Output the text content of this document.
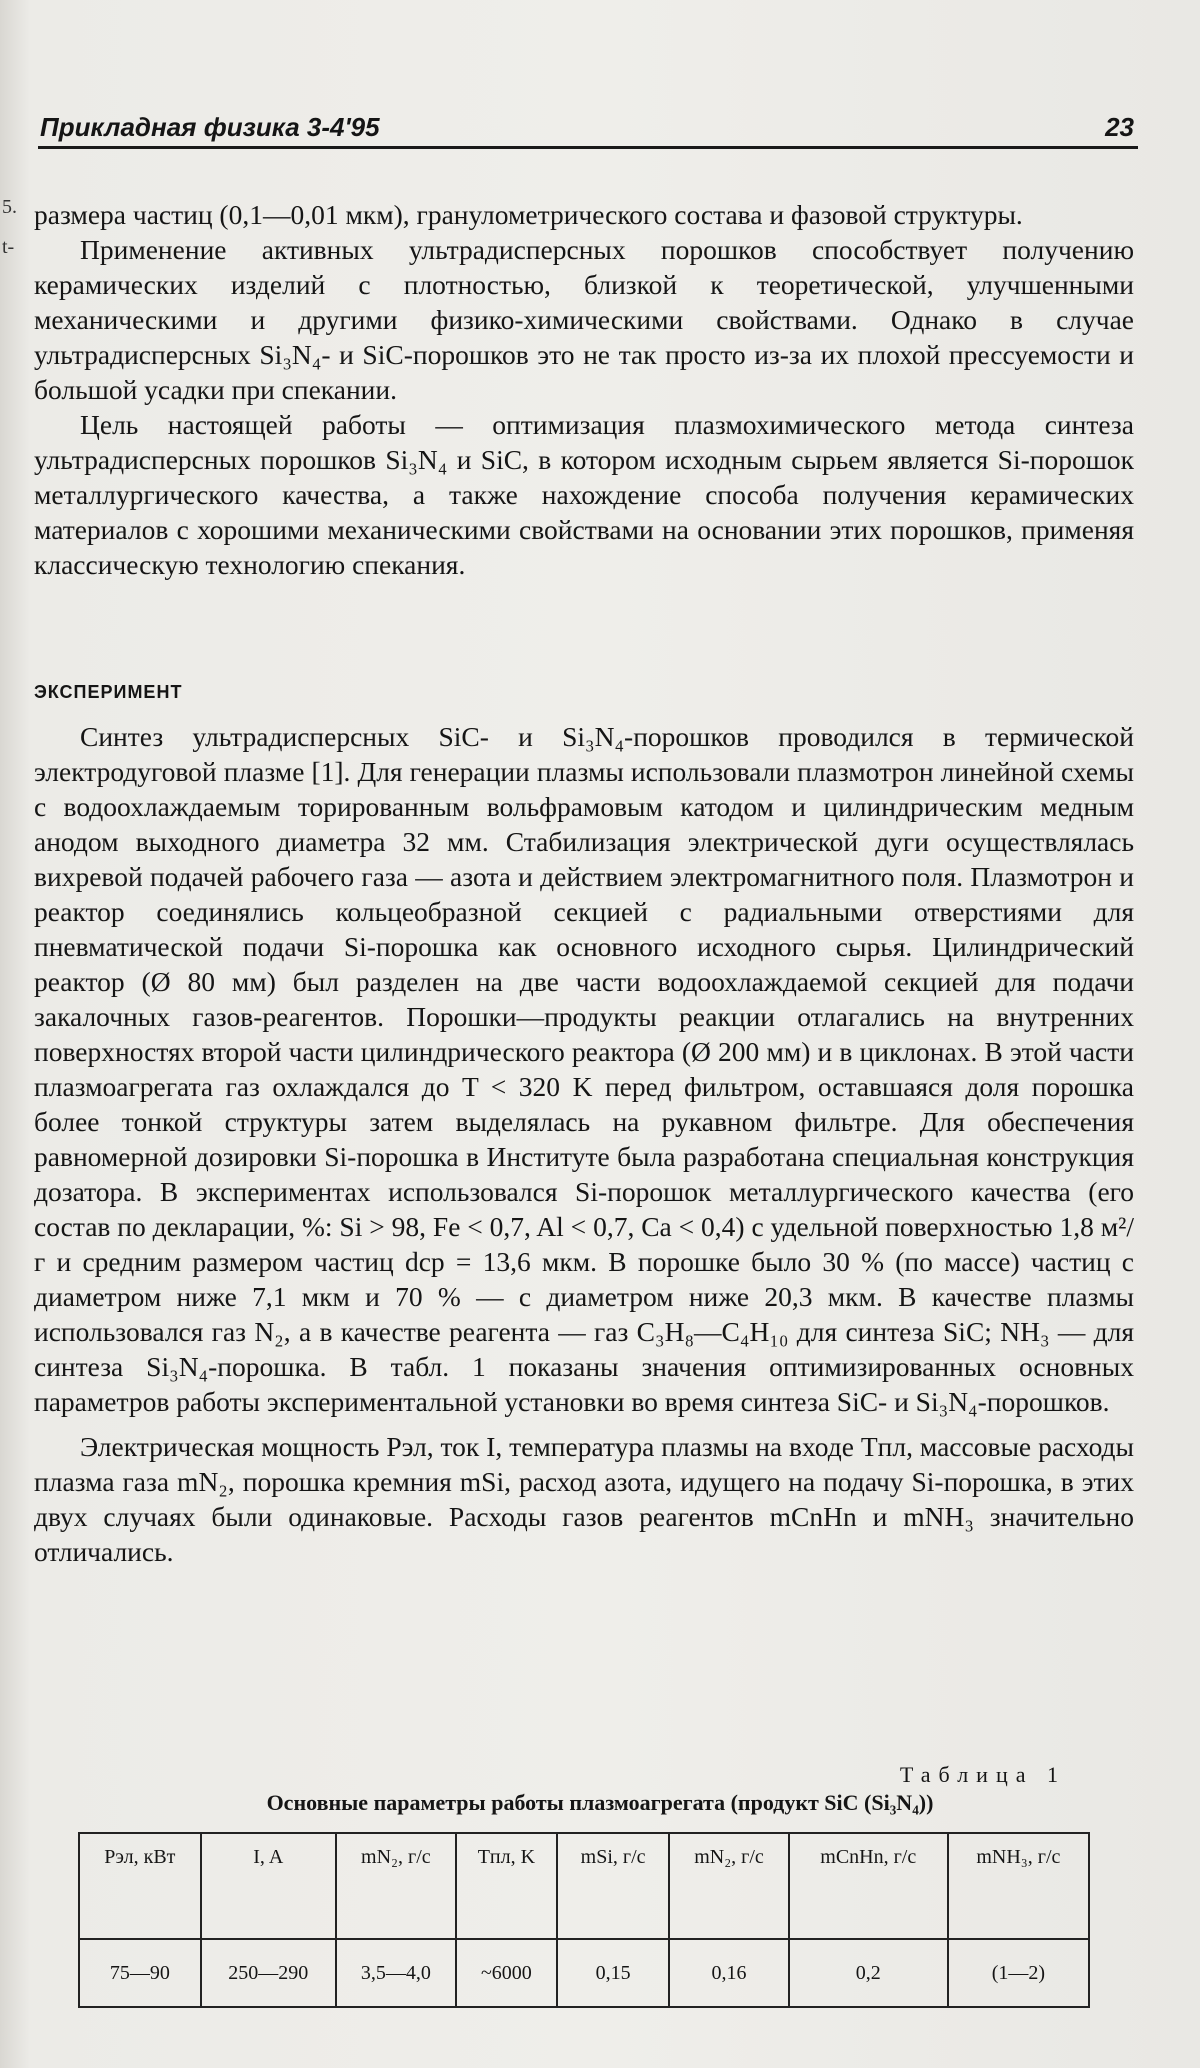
Прикладная физика 3-4'95	23
5.
t-

размера частиц (0,1—0,01 мкм), гранулометрического состава и фазовой структуры.

Применение активных ультрадисперсных порошков способствует получению керамических изделий с плотностью, близкой к теоретической, улучшенными механическими и другими физико-химическими свойствами. Однако в случае ультрадисперсных Si₃N₄- и SiC-порошков это не так просто из-за их плохой прессуемости и большой усадки при спекании.

Цель настоящей работы — оптимизация плазмохимического метода синтеза ультрадисперсных порошков Si₃N₄ и SiC, в котором исходным сырьем является Si-порошок металлургического качества, а также нахождение способа получения керамических материалов с хорошими механическими свойствами на основании этих порошков, применяя классическую технологию спекания.

ЭКСПЕРИМЕНТ

Синтез ультрадисперсных SiC- и Si₃N₄-порошков проводился в термической электродуговой плазме [1]. Для генерации плазмы использовали плазмотрон линейной схемы с водоохлаждаемым торированным вольфрамовым катодом и цилиндрическим медным анодом выходного диаметра 32 мм. Стабилизация электрической дуги осуществлялась вихревой подачей рабочего газа — азота и действием электромагнитного поля. Плазмотрон и реактор соединялись кольцеобразной секцией с радиальными отверстиями для пневматической подачи Si-порошка как основного исходного сырья. Цилиндрический реактор (Ø 80 мм) был разделен на две части водоохлаждаемой секцией для подачи закалочных газов-реагентов. Порошки—продукты реакции отлагались на внутренних поверхностях второй части цилиндрического реактора (Ø 200 мм) и в циклонах. В этой части плазмоагрегата газ охлаждался до T < 320 K перед фильтром, оставшаяся доля порошка более тонкой структуры затем выделялась на рукавном фильтре. Для обеспечения равномерной дозировки Si-порошка в Институте была разработана специальная конструкция дозатора. В экспериментах использовался Si-порошок металлургического качества (его состав по декларации, %: Si > 98, Fe < 0,7, Al < 0,7, Ca < 0,4) с удельной поверхностью 1,8 м²/г и средним размером частиц dср = 13,6 мкм. В порошке было 30 % (по массе) частиц с диаметром ниже 7,1 мкм и 70 % — с диаметром ниже 20,3 мкм. В качестве плазмы использовался газ N₂, а в качестве реагента — газ C₃H₈—C₄H₁₀ для синтеза SiC; NH₃ — для синтеза Si₃N₄-порошка. В табл. 1 показаны значения оптимизированных основных параметров работы экспериментальной установки во время синтеза SiC- и Si₃N₄-порошков.

Электрическая мощность Pэл, ток I, температура плазмы на входе Tпл, массовые расходы плазма газа mN₂, порошка кремния mSi, расход азота, идущего на подачу Si-порошка, в этих двух случаях были одинаковые. Расходы газов реагентов mCnHn и mNH₃ значительно отличались.

Таблица 1
Основные параметры работы плазмоагрегата (продукт SiC (Si₃N₄))
Pэл, кВт	I, A	mN₂, г/с	Tпл, K	mSi, г/с	mN₂, г/с	mCnHn, г/с	mNH₃, г/с
75—90	250—290	3,5—4,0	~6000	0,15	0,16	0,2	(1—2)
